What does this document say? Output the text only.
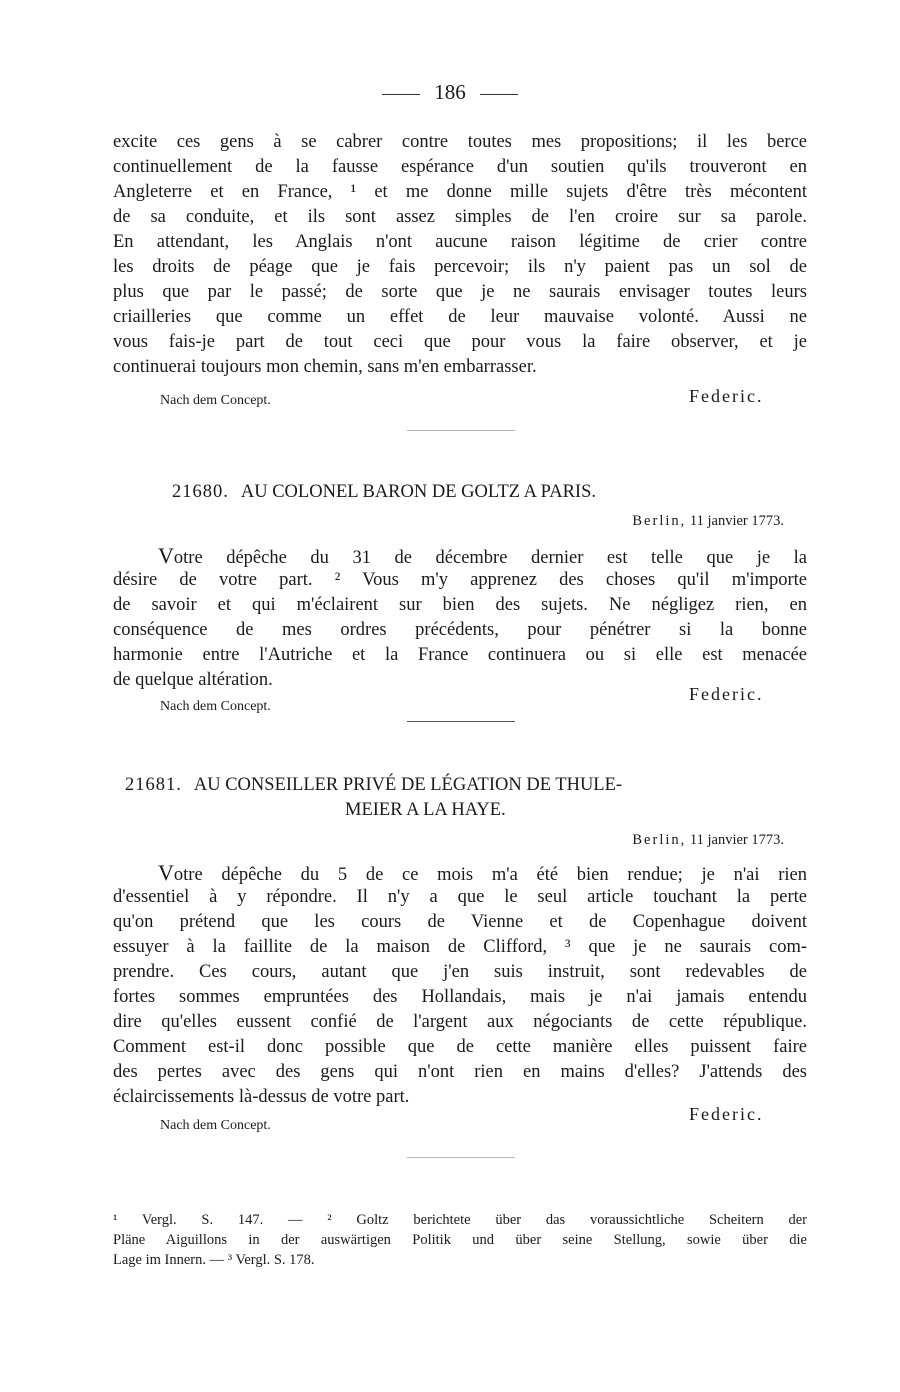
186
excite ces gens à se cabrer contre toutes mes propositions; il les berce
continuellement de la fausse espérance d'un soutien qu'ils trouveront en
Angleterre et en France, ¹ et me donne mille sujets d'être très mécontent
de sa conduite, et ils sont assez simples de l'en croire sur sa parole.
En attendant, les Anglais n'ont aucune raison légitime de crier contre
les droits de péage que je fais percevoir; ils n'y paient pas un sol de
plus que par le passé; de sorte que je ne saurais envisager toutes leurs
criailleries que comme un effet de leur mauvaise volonté. Aussi ne
vous fais-je part de tout ceci que pour vous la faire observer, et je
continuerai toujours mon chemin, sans m'en embarrasser.
Nach dem Concept.	Federic.
21680. AU COLONEL BARON DE GOLTZ A PARIS.
Berlin, 11 janvier 1773.
Votre dépêche du 31 de décembre dernier est telle que je la
désire de votre part. ² Vous m'y apprenez des choses qu'il m'importe
de savoir et qui m'éclairent sur bien des sujets. Ne négligez rien, en
conséquence de mes ordres précédents, pour pénétrer si la bonne
harmonie entre l'Autriche et la France continuera ou si elle est menacée
de quelque altération.
Nach dem Concept.
Federic.
21681. AU CONSEILLER PRIVÉ DE LÉGATION DE THULE-
MEIER A LA HAYE.
Berlin, 11 janvier 1773.
Votre dépêche du 5 de ce mois m'a été bien rendue; je n'ai rien
d'essentiel à y répondre. Il n'y a que le seul article touchant la perte
qu'on prétend que les cours de Vienne et de Copenhague doivent
essuyer à la faillite de la maison de Clifford, ³ que je ne saurais com-
prendre. Ces cours, autant que j'en suis instruit, sont redevables de
fortes sommes empruntées des Hollandais, mais je n'ai jamais entendu
dire qu'elles eussent confié de l'argent aux négociants de cette république.
Comment est-il donc possible que de cette manière elles puissent faire
des pertes avec des gens qui n'ont rien en mains d'elles? J'attends des
éclaircissements là-dessus de votre part.
Nach dem Concept.
Federic.
¹ Vergl. S. 147. — ² Goltz berichtete über das voraussichtliche Scheitern der
Pläne Aiguillons in der auswärtigen Politik und über seine Stellung, sowie über die
Lage im Innern. — ³ Vergl. S. 178.
